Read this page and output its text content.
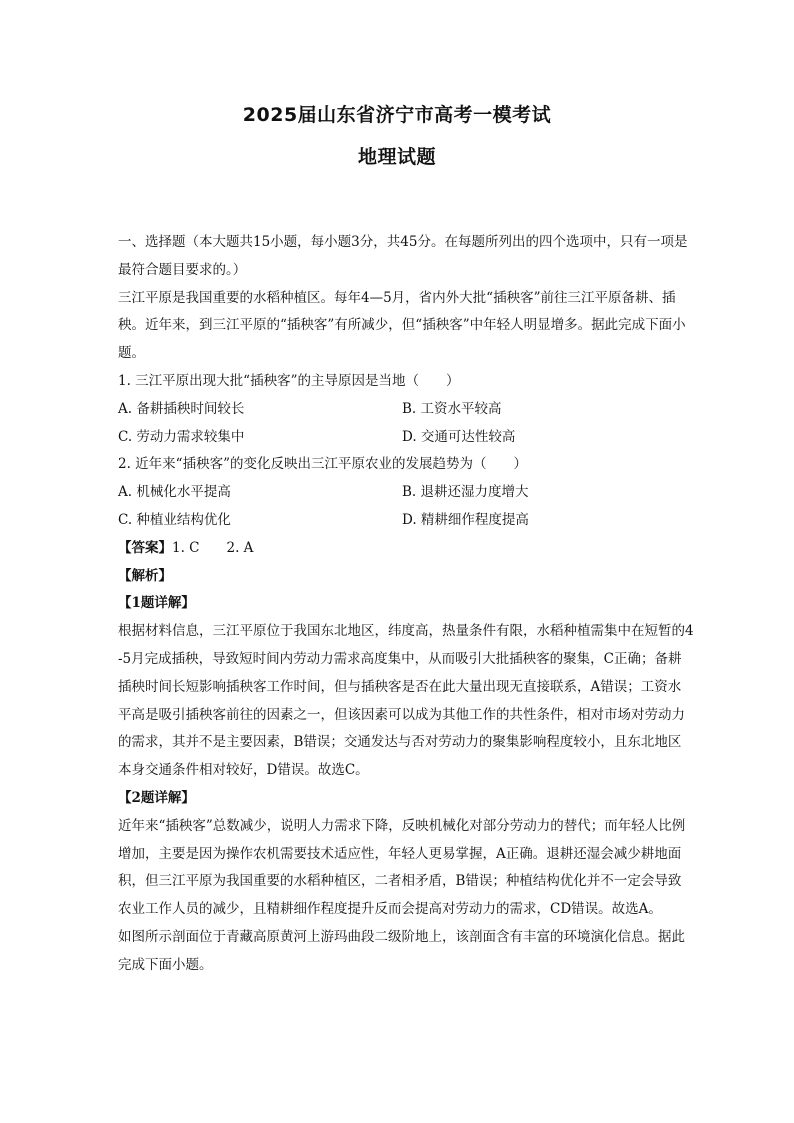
2025届山东省济宁市高考一模考试
地理试题

一、选择题（本大题共15小题，每小题3分，共45分。在每题所列出的四个选项中，只有一项是最符合题目要求的。）

三江平原是我国重要的水稻种植区。每年4—5月，省内外大批“插秧客”前往三江平原备耕、插秧。近年来，到三江平原的“插秧客”有所减少，但“插秧客”中年轻人明显增多。据此完成下面小题。

1. 三江平原出现大批“插秧客”的主导原因是当地（　　）

A. 备耕插秧时间较长	B. 工资水平较高
C. 劳动力需求较集中	D. 交通可达性较高

2. 近年来“插秧客”的变化反映出三江平原农业的发展趋势为（　　）

A. 机械化水平提高	B. 退耕还湿力度增大
C. 种植业结构优化	D. 精耕细作程度提高

【答案】1. C　　2. A

【解析】

【1题详解】

根据材料信息，三江平原位于我国东北地区，纬度高，热量条件有限，水稻种植需集中在短暂的4-5月完成插秧，导致短时间内劳动力需求高度集中，从而吸引大批插秧客的聚集，C正确；备耕插秧时间长短影响插秧客工作时间，但与插秧客是否在此大量出现无直接联系，A错误；工资水平高是吸引插秧客前往的因素之一，但该因素可以成为其他工作的共性条件，相对市场对劳动力的需求，其并不是主要因素，B错误；交通发达与否对劳动力的聚集影响程度较小，且东北地区本身交通条件相对较好，D错误。故选C。

【2题详解】

近年来“插秧客”总数减少，说明人力需求下降，反映机械化对部分劳动力的替代；而年轻人比例增加，主要是因为操作农机需要技术适应性，年轻人更易掌握，A正确。退耕还湿会减少耕地面积，但三江平原为我国重要的水稻种植区，二者相矛盾，B错误；种植结构优化并不一定会导致农业工作人员的减少，且精耕细作程度提升反而会提高对劳动力的需求，CD错误。故选A。

如图所示剖面位于青藏高原黄河上游玛曲段二级阶地上，该剖面含有丰富的环境演化信息。据此完成下面小题。
